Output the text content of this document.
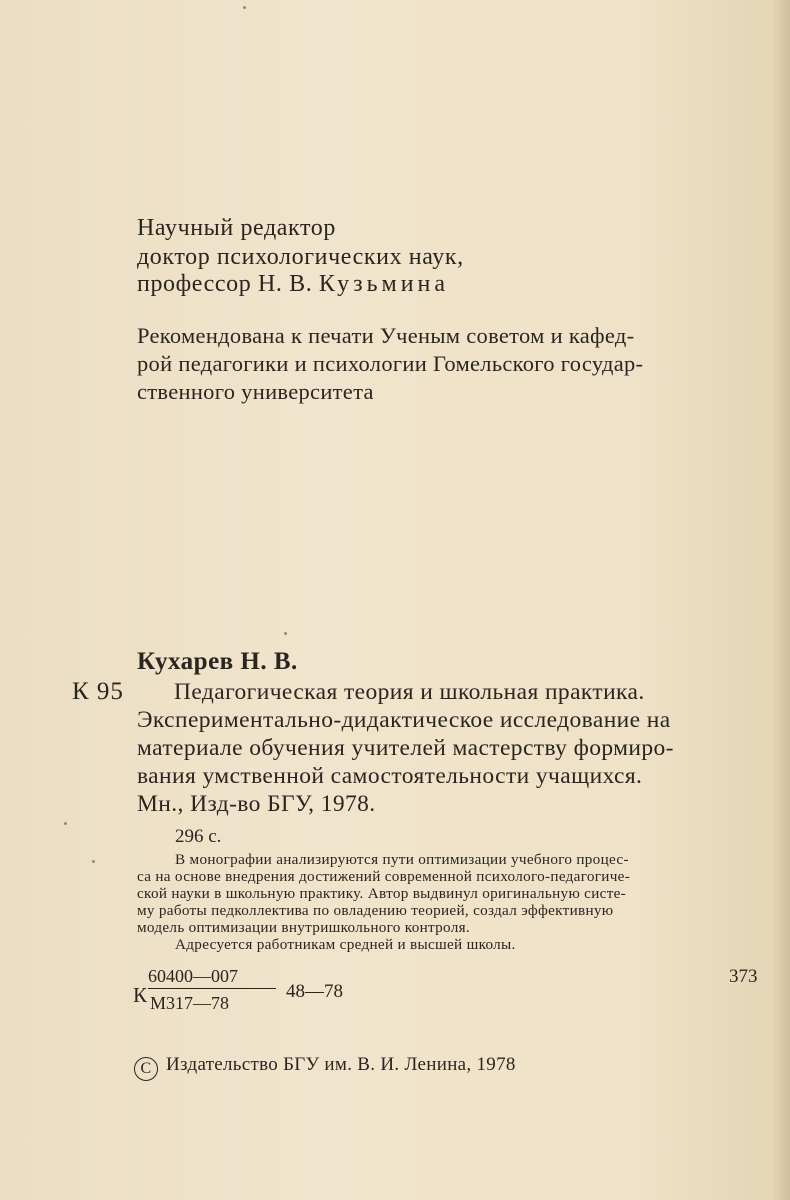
Научный редактор
доктор психологических наук,
профессор Н. В. Кузьмина
Рекомендована к печати Ученым советом и кафед-
рой педагогики и психологии Гомельского государ-
ственного университета
Кухарев Н. В.
К 95 Педагогическая теория и школьная практика.
Экспериментально-дидактическое исследование на
материале обучения учителей мастерству формиро-
вания умственной самостоятельности учащихся.
Мн., Изд-во БГУ, 1978.
296 с.
В монографии анализируются пути оптимизации учебного процес-
са на основе внедрения достижений современной психолого-педагогиче-
ской науки в школьную практику. Автор выдвинул оригинальную систе-
му работы педколлектива по овладению теорией, создал эффективную
модель оптимизации внутришкольного контроля.
Адресуется работникам средней и высшей школы.
К
60400—007
М317—78
48—78
373
C Издательство БГУ им. В. И. Ленина, 1978
